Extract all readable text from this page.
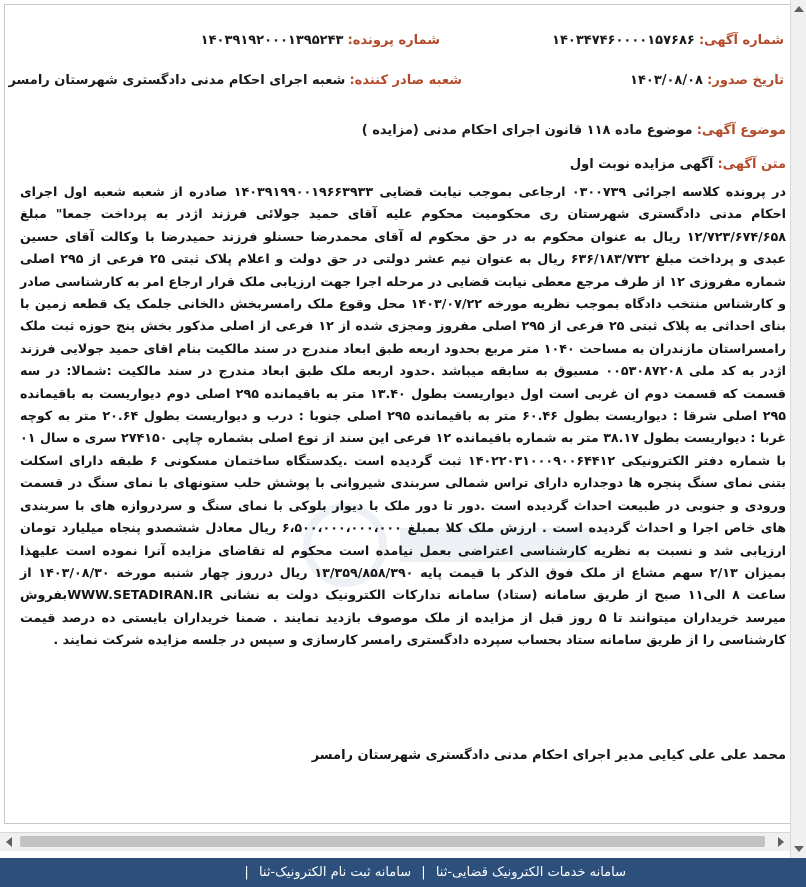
شماره آگهی: ۱۴۰۳۴۷۴۶۰۰۰۰۱۵۷۶۸۶
شماره پرونده: ۱۴۰۳۹۱۹۲۰۰۰۱۳۹۵۲۴۳
تاریخ صدور: ۱۴۰۳/۰۸/۰۸
شعبه صادر کننده: شعبه اجرای احکام مدنی دادگستری شهرستان رامسر
موضوع آگهی: موضوع ماده ۱۱۸ قانون اجرای احکام مدنی (مزایده )
متن آگهی: آگهی مزایده نوبت اول
در پرونده کلاسه اجرائی ۰۳۰۰۷۳۹ ارجاعی بموجب نیابت قضایی ۱۴۰۳۹۱۹۹۰۰۱۹۶۶۳۹۳۳ صادره از شعبه شعبه اول اجرای احکام مدنی دادگستری شهرستان ری محکومیت محکوم علیه آقای حمید جولائی فرزند اژدر به پرداخت جمعا" مبلغ ۱۲/۷۲۳/۶۷۴/۶۵۸ ریال به عنوان محکوم به در حق محکوم له آقای محمدرضا حسنلو فرزند حمیدرضا با وکالت آقای حسین عبدی و پرداخت مبلغ ۶۳۶/۱۸۳/۷۳۲ ریال به عنوان نیم عشر دولتی در حق دولت و اعلام پلاک ثبتی ۲۵ فرعی از ۲۹۵ اصلی شماره مفروزی ۱۲ از طرف مرجع معطی نیابت قضایی در مرحله اجرا جهت ارزیابی ملک قرار ارجاع امر به کارشناسی صادر و کارشناس منتخب دادگاه بموجب نظریه مورخه ۱۴۰۳/۰۷/۲۲ محل وقوع ملک رامسربخش دالخانی جلمک یک قطعه زمین با بنای احداثی به پلاک ثبتی ۲۵ فرعی از ۲۹۵ اصلی مفروز ومجزی شده از ۱۲ فرعی از اصلی مذکور بخش پنج حوزه ثبت ملک رامسراستان مازندران به مساحت ۱۰۴۰ متر مربع بحدود اربعه طبق ابعاد مندرج در سند مالکیت بنام اقای حمید جولایی فرزند اژدر به کد ملی ۰۰۵۳۰۸۷۲۰۸ مسبوق به سابقه میباشد .حدود اربعه ملک طبق ابعاد مندرج در سند مالکیت :شمالا: در سه قسمت که قسمت دوم ان غربی است اول دیواریست بطول ۱۳.۴۰ متر به باقیمانده ۲۹۵ اصلی دوم دیواریست به باقیمانده ۲۹۵ اصلی شرقا : دیواریست بطول ۶۰.۴۶ متر به باقیمانده ۲۹۵ اصلی جنوبا : درب و دیواریست بطول ۲۰.۶۴ متر به کوچه غربا : دیواریست بطول ۳۸.۱۷ متر به شماره باقیمانده ۱۲ فرعی این سند از نوع اصلی بشماره چاپی ۲۷۴۱۵۰ سری ه سال ۰۱ با شماره دفتر الکترونیکی ۱۴۰۲۲۰۳۱۰۰۰۹۰۰۶۴۴۱۲ ثبت گردیده است .یکدستگاه ساختمان مسکونی ۶ طبقه دارای اسکلت بتنی نمای سنگ پنجره ها دوجداره دارای تراس شمالی سربندی شیروانی با پوشش حلب ستونهای با نمای سنگ در قسمت ورودی و جنوبی در طبیعت احداث گردیده است .دور تا دور ملک با دیوار بلوکی با نمای سنگ و سردروازه های با سربندی های خاص اجرا و احداث گردیده است . ارزش ملک کلا بمبلغ ۶،۵۰۰،۰۰۰،۰۰۰،۰۰۰ ریال معادل ششصدو پنجاه میلیارد تومان ارزیابی شد و نسبت به نظریه کارشناسی اعتراضی بعمل نیامده است محکوم له تقاضای مزایده آنرا نموده است علیهذا بمیزان ۲/۱۳ سهم مشاع از ملک فوق الذکر با قیمت پایه ۱۳/۳۵۹/۸۵۸/۳۹۰ ریال درروز چهار شنبه مورخه ۱۴۰۳/۰۸/۳۰ از ساعت ۸ الی۱۱ صبح از طریق سامانه (ستاد) سامانه تدارکات الکترونیک دولت به نشانی WWW.SETADIRAN.IRبفروش میرسد خریداران میتوانند تا ۵ روز قبل از مزایده از ملک موصوف بازدید نمایند . ضمنا خریداران بایستی ده درصد قیمت کارشناسی را از طریق سامانه ستاد بحساب سپرده دادگستری رامسر کارسازی و سپس در جلسه مزایده شرکت نمایند .
محمد علی علی کیایی مدیر اجرای احکام مدنی دادگستری شهرستان رامسر
سامانه خدمات الکترونیک قضایی-ثنا | سامانه ثبت نام الکترونیک-ثنا |
